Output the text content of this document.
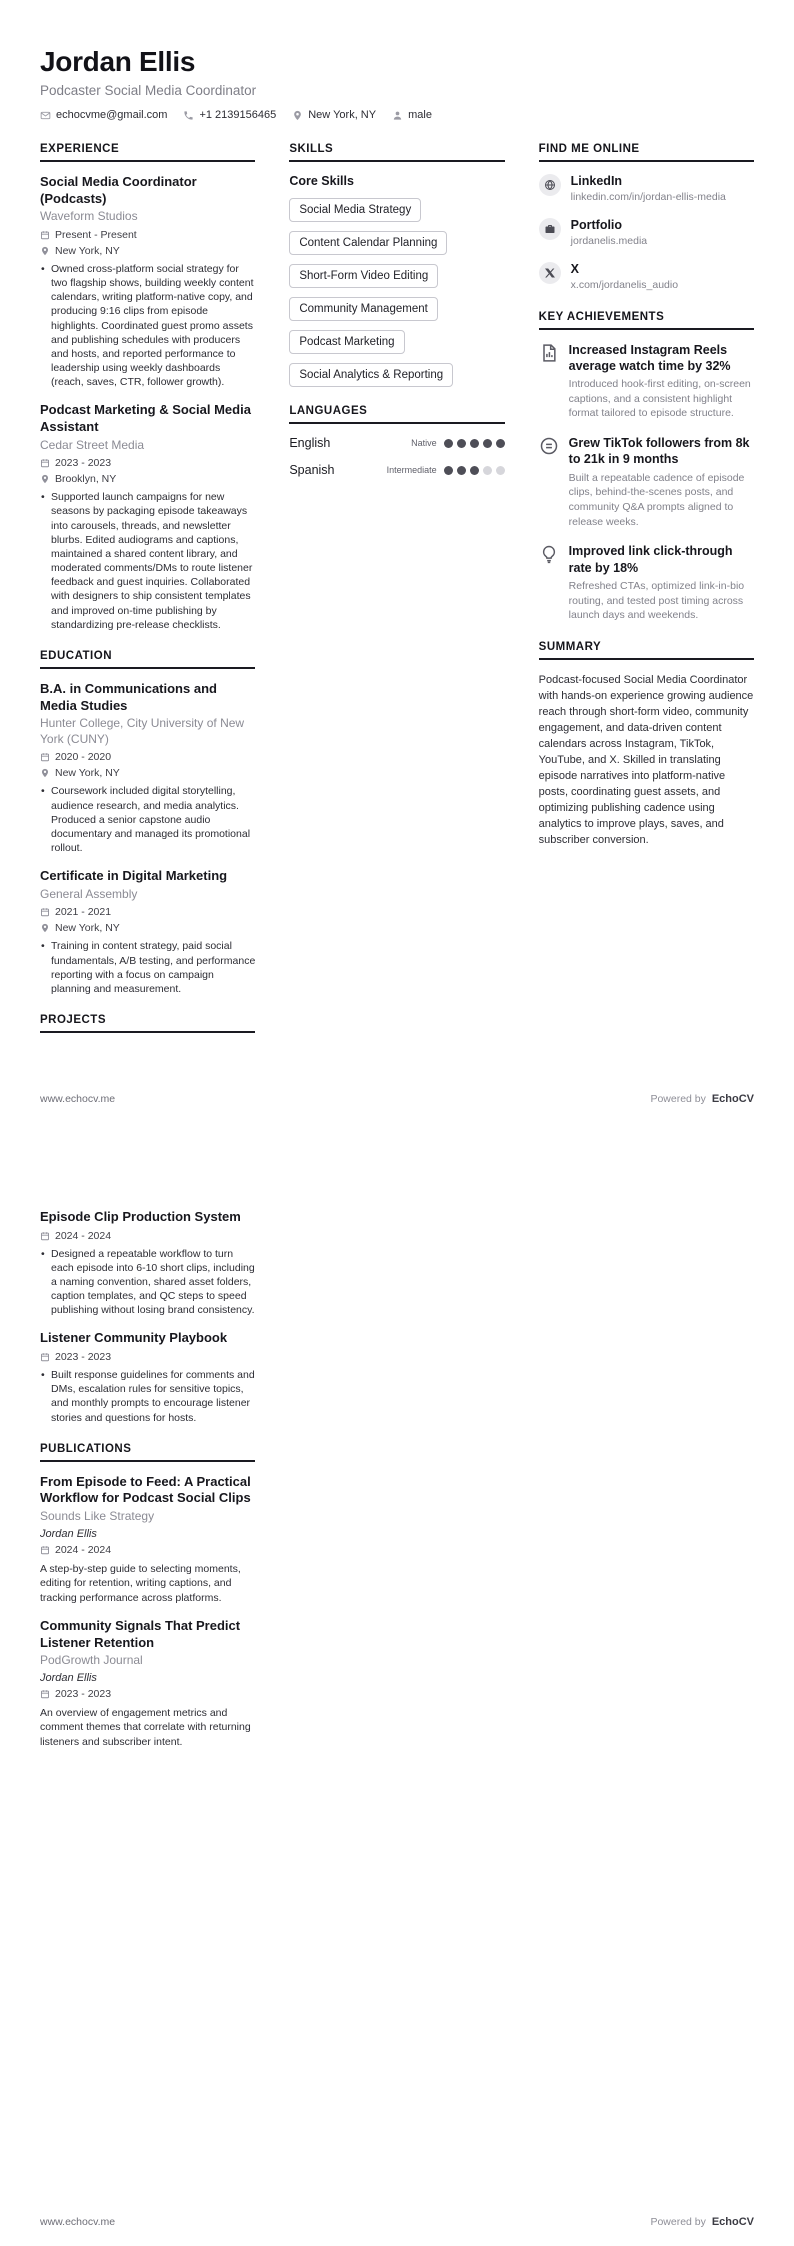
Jordan Ellis
Podcaster Social Media Coordinator
echocvme@gmail.com	+1 2139156465	New York, NY	male
EXPERIENCE
Social Media Coordinator (Podcasts)
Waveform Studios
Present - Present
New York, NY
• Owned cross-platform social strategy for two flagship shows, building weekly content calendars, writing platform-native copy, and producing 9:16 clips from episode highlights. Coordinated guest promo assets and publishing schedules with producers and hosts, and reported performance to leadership using weekly dashboards (reach, saves, CTR, follower growth).
Podcast Marketing & Social Media Assistant
Cedar Street Media
2023 - 2023
Brooklyn, NY
• Supported launch campaigns for new seasons by packaging episode takeaways into carousels, threads, and newsletter blurbs. Edited audiograms and captions, maintained a shared content library, and moderated comments/DMs to route listener feedback and guest inquiries. Collaborated with designers to ship consistent templates and improved on-time publishing by standardizing pre-release checklists.
EDUCATION
B.A. in Communications and Media Studies
Hunter College, City University of New York (CUNY)
2020 - 2020
New York, NY
• Coursework included digital storytelling, audience research, and media analytics. Produced a senior capstone audio documentary and managed its promotional rollout.
Certificate in Digital Marketing
General Assembly
2021 - 2021
New York, NY
• Training in content strategy, paid social fundamentals, A/B testing, and performance reporting with a focus on campaign planning and measurement.
PROJECTS
SKILLS
Core Skills
Social Media Strategy
Content Calendar Planning
Short-Form Video Editing
Community Management
Podcast Marketing
Social Analytics & Reporting
LANGUAGES
English	Native
Spanish	Intermediate
FIND ME ONLINE
LinkedIn
linkedin.com/in/jordan-ellis-media
Portfolio
jordanelis.media
X
x.com/jordanelis_audio
KEY ACHIEVEMENTS
Increased Instagram Reels average watch time by 32%
Introduced hook-first editing, on-screen captions, and a consistent highlight format tailored to episode structure.
Grew TikTok followers from 8k to 21k in 9 months
Built a repeatable cadence of episode clips, behind-the-scenes posts, and community Q&A prompts aligned to release weeks.
Improved link click-through rate by 18%
Refreshed CTAs, optimized link-in-bio routing, and tested post timing across launch days and weekends.
SUMMARY

Podcast-focused Social Media Coordinator with hands-on experience growing audience reach through short-form video, community engagement, and data-driven content calendars across Instagram, TikTok, YouTube, and X. Skilled in translating episode narratives into platform-native posts, coordinating guest assets, and optimizing publishing cadence using analytics to improve plays, saves, and subscriber conversion.

www.echocv.me	Powered by EchoCV
Episode Clip Production System
2024 - 2024
• Designed a repeatable workflow to turn each episode into 6-10 short clips, including a naming convention, shared asset folders, caption templates, and QC steps to speed publishing without losing brand consistency.
Listener Community Playbook
2023 - 2023
• Built response guidelines for comments and DMs, escalation rules for sensitive topics, and monthly prompts to encourage listener stories and questions for hosts.
PUBLICATIONS
From Episode to Feed: A Practical Workflow for Podcast Social Clips
Sounds Like Strategy
Jordan Ellis
2024 - 2024

A step-by-step guide to selecting moments, editing for retention, writing captions, and tracking performance across platforms.

Community Signals That Predict Listener Retention
PodGrowth Journal
Jordan Ellis
2023 - 2023

An overview of engagement metrics and comment themes that correlate with returning listeners and subscriber intent.

www.echocv.me	Powered by EchoCV
